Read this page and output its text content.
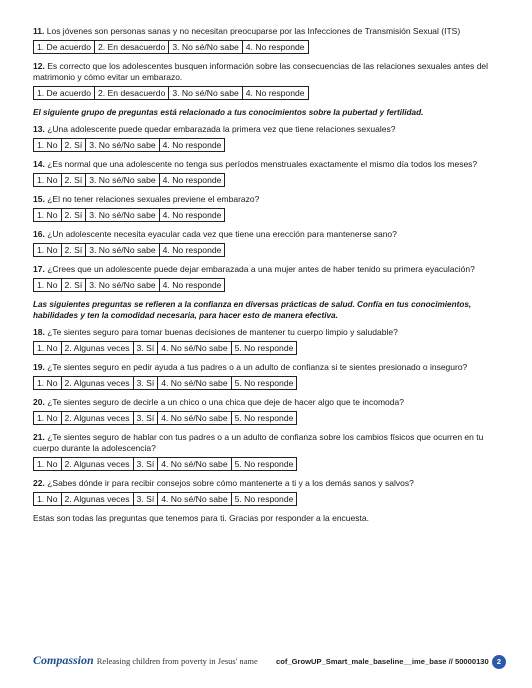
11. Los jóvenes son personas sanas y no necesitan preocuparse por las Infecciones de Transmisión Sexual (ITS)
1. De acuerdo 2. En desacuerdo 3. No sé/No sabe 4. No responde
12. Es correcto que los adolescentes busquen información sobre las consecuencias de las relaciones sexuales antes del matrimonio y cómo evitar un embarazo.
1. De acuerdo 2. En desacuerdo 3. No sé/No sabe 4. No responde
El siguiente grupo de preguntas está relacionado a tus conocimientos sobre la pubertad y fertilidad.
13. ¿Una adolescente puede quedar embarazada la primera vez que tiene relaciones sexuales?
1. No 2. Sí 3. No sé/No sabe 4. No responde
14. ¿Es normal que una adolescente no tenga sus períodos menstruales exactamente el mismo día todos los meses?
1. No 2. Sí 3. No sé/No sabe 4. No responde
15. ¿El no tener relaciones sexuales previene el embarazo?
1. No 2. Sí 3. No sé/No sabe 4. No responde
16. ¿Un adolescente necesita eyacular cada vez que tiene una erección para mantenerse sano?
1. No 2. Sí 3. No sé/No sabe 4. No responde
17. ¿Crees que un adolescente puede dejar embarazada a una mujer antes de haber tenido su primera eyaculación?
1. No 2. Sí 3. No sé/No sabe 4. No responde
Las siguientes preguntas se refieren a la confianza en diversas prácticas de salud. Confía en tus conocimientos, habilidades y ten la comodidad necesaria, para hacer esto de manera efectiva.
18. ¿Te sientes seguro para tomar buenas decisiones de mantener tu cuerpo limpio y saludable?
1. No 2. Algunas veces 3. Sí 4. No sé/No sabe 5. No responde
19. ¿Te sientes seguro en pedir ayuda a tus padres o a un adulto de confianza si te sientes presionado o inseguro?
1. No 2. Algunas veces 3. Sí 4. No sé/No sabe 5. No responde
20. ¿Te sientes seguro de decirle a un chico o una chica que deje de hacer algo que te incomoda?
1. No 2. Algunas veces 3. Sí 4. No sé/No sabe 5. No responde
21. ¿Te sientes seguro de hablar con tus padres o a un adulto de confianza sobre los cambios físicos que ocurren en tu cuerpo durante la adolescencia?
1. No 2. Algunas veces 3. Sí 4. No sé/No sabe 5. No responde
22. ¿Sabes dónde ir para recibir consejos sobre cómo mantenerte a ti y a los demás sanos y salvos?
1. No 2. Algunas veces 3. Sí 4. No sé/No sabe 5. No responde
Estas son todas las preguntas que tenemos para ti. Gracias por responder a la encuesta.
Compassion Releasing children from poverty in Jesus' name cof_GrowUP_Smart_male_baseline__ime_base // 50000130	2
